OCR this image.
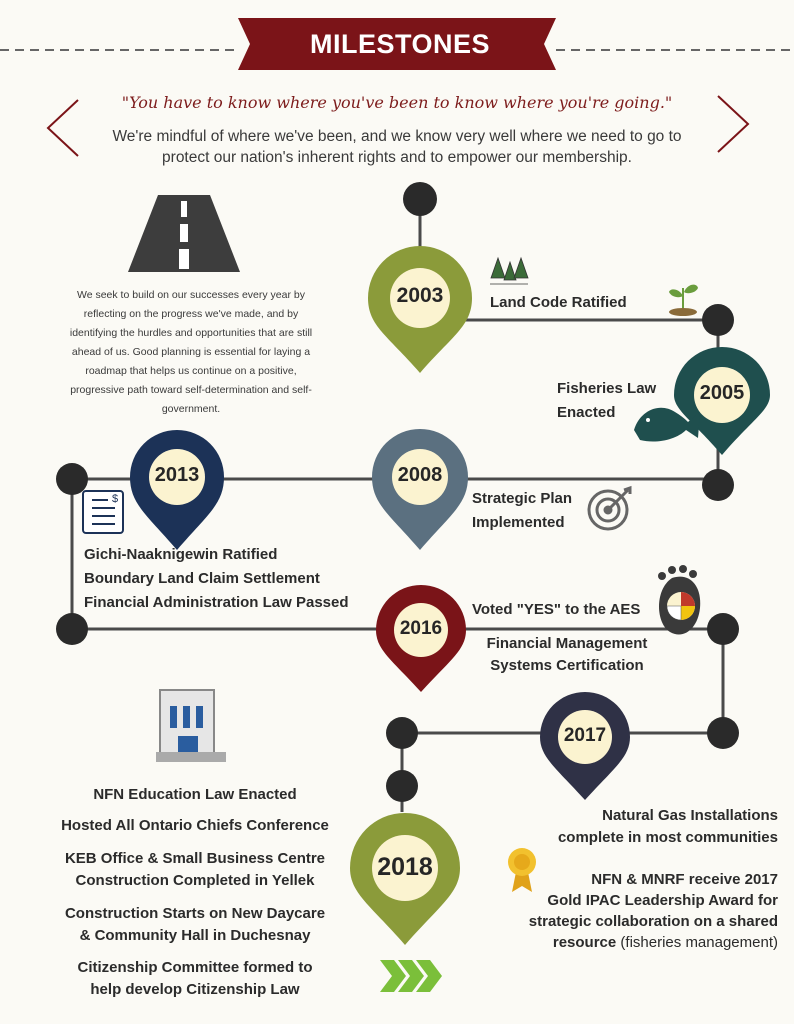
$
MILESTONES
"You have to know where you've been to know where you're going."
We're mindful of where we've been, and we know very well where we need to go to protect our nation's inherent rights and to empower our membership.
We seek to build on our successes every year by reflecting on the progress we've made, and by identifying the hurdles and opportunities that are still ahead of us. Good planning is essential for laying a roadmap that helps us continue on a positive, progressive path toward self-determination and self-government.
2003
2005
2008
2013
2016
2017
2018
Land Code Ratified
Fisheries Law
Enacted
Strategic Plan
Implemented
Gichi-Naaknigewin Ratified
Boundary Land Claim Settlement
Financial Administration Law Passed	Voted "YES" to the AES
Financial Management
Systems Certification
Natural Gas Installations
complete in most communities
NFN & MNRF receive 2017
Gold IPAC Leadership Award for
strategic collaboration on a shared
resource (fisheries management)
NFN Education Law Enacted
Hosted All Ontario Chiefs Conference
KEB Office & Small Business Centre
Construction Completed in Yellek
Construction Starts on New Daycare
& Community Hall in Duchesnay
Citizenship Committee formed to
help develop Citizenship Law
